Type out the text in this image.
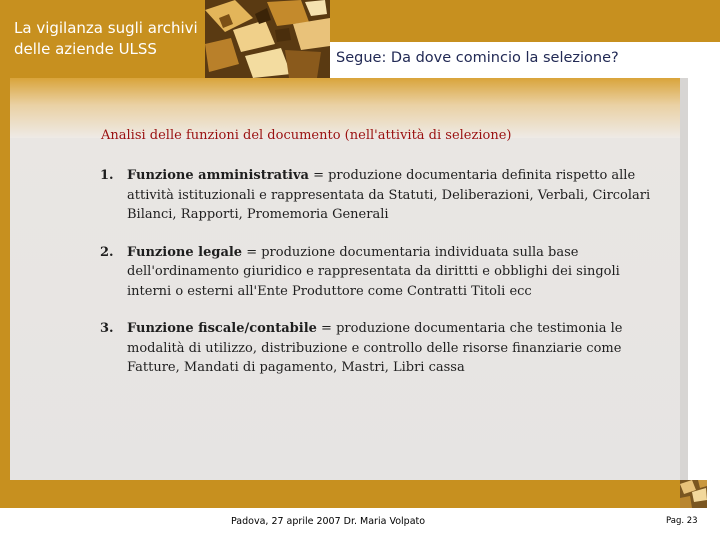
La vigilanza sugli archivi
delle aziende ULSS	Segue: Da dove comincio la selezione?
Analisi delle funzioni del documento (nell'attività di selezione)
1.	Funzione amministrativa = produzione documentaria definita rispetto alle attività istituzionali e rappresentata da Statuti, Deliberazioni, Verbali, Circolari Bilanci, Rapporti, Promemoria Generali
2.	Funzione legale = produzione documentaria individuata sulla base dell'ordinamento giuridico e rappresentata da dirittti e obblighi dei singoli interni o esterni all'Ente Produttore come Contratti Titoli ecc
3.	Funzione fiscale/contabile = produzione documentaria che testimonia le modalità di utilizzo, distribuzione e controllo delle risorse finanziarie come Fatture, Mandati di pagamento, Mastri, Libri cassa
Padova, 27 aprile 2007 Dr. Maria Volpato	Pag. 23
